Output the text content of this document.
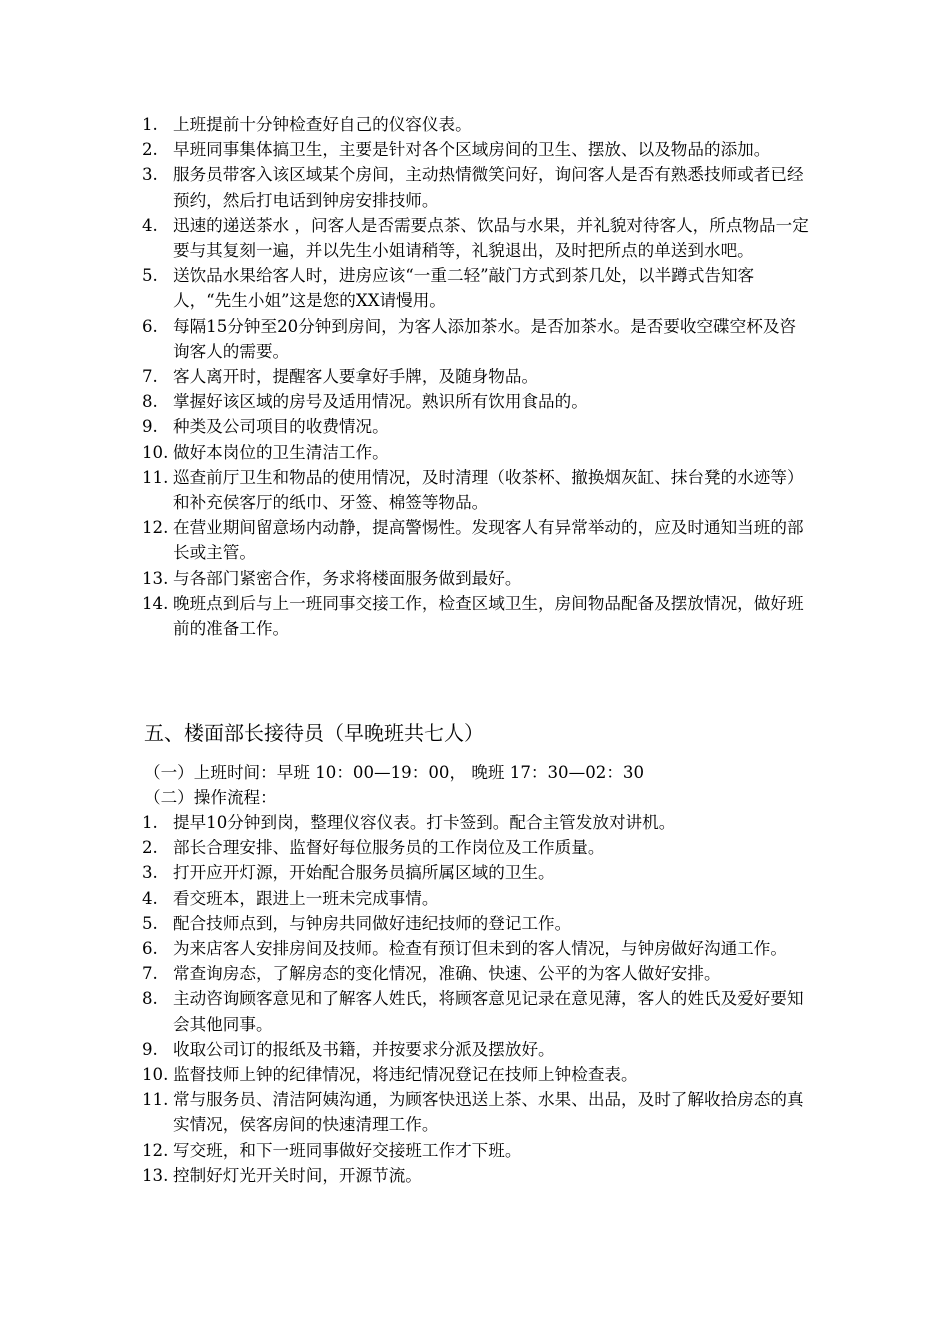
1. 上班提前十分钟检查好自己的仪容仪表。
2. 早班同事集体搞卫生，主要是针对各个区域房间的卫生、摆放、以及物品的添加。
3. 服务员带客入该区域某个房间，主动热情微笑问好，询问客人是否有熟悉技师或者已经预约，然后打电话到钟房安排技师。
4. 迅速的递送茶水 ，问客人是否需要点茶、饮品与水果，并礼貌对待客人，所点物品一定要与其复刻一遍，并以先生小姐请稍等，礼貌退出，及时把所点的单送到水吧。
5. 送饮品水果给客人时，进房应该“一重二轻”敲门方式到茶几处，以半蹲式告知客人，“先生小姐”这是您的XX请慢用。
6. 每隔15分钟至20分钟到房间，为客人添加茶水。是否加茶水。是否要收空碟空杯及咨询客人的需要。
7. 客人离开时，提醒客人要拿好手牌，及随身物品。
8. 掌握好该区域的房号及适用情况。熟识所有饮用食品的。
9. 种类及公司项目的收费情况。
10. 做好本岗位的卫生清洁工作。
11. 巡查前厅卫生和物品的使用情况，及时清理（收茶杯、撤换烟灰缸、抹台凳的水迹等）和补充侯客厅的纸巾、牙签、棉签等物品。
12. 在营业期间留意场内动静，提高警惕性。发现客人有异常举动的，应及时通知当班的部长或主管。
13. 与各部门紧密合作，务求将楼面服务做到最好。
14. 晚班点到后与上一班同事交接工作，检查区域卫生，房间物品配备及摆放情况，做好班前的准备工作。
五、楼面部长接待员（早晚班共七人）
（一）上班时间：早班 10：00—19：00， 晚班 17：30—02：30
（二）操作流程：
1. 提早10分钟到岗，整理仪容仪表。打卡签到。配合主管发放对讲机。
2. 部长合理安排、监督好每位服务员的工作岗位及工作质量。
3. 打开应开灯源，开始配合服务员搞所属区域的卫生。
4. 看交班本，跟进上一班未完成事情。
5. 配合技师点到，与钟房共同做好违纪技师的登记工作。
6. 为来店客人安排房间及技师。检查有预订但未到的客人情况，与钟房做好沟通工作。
7. 常查询房态，了解房态的变化情况，准确、快速、公平的为客人做好安排。
8. 主动咨询顾客意见和了解客人姓氏，将顾客意见记录在意见薄，客人的姓氏及爱好要知会其他同事。
9. 收取公司订的报纸及书籍，并按要求分派及摆放好。
10. 监督技师上钟的纪律情况，将违纪情况登记在技师上钟检查表。
11. 常与服务员、清洁阿姨沟通，为顾客快迅送上茶、水果、出品，及时了解收拾房态的真实情况，侯客房间的快速清理工作。
12. 写交班，和下一班同事做好交接班工作才下班。
13. 控制好灯光开关时间，开源节流。
